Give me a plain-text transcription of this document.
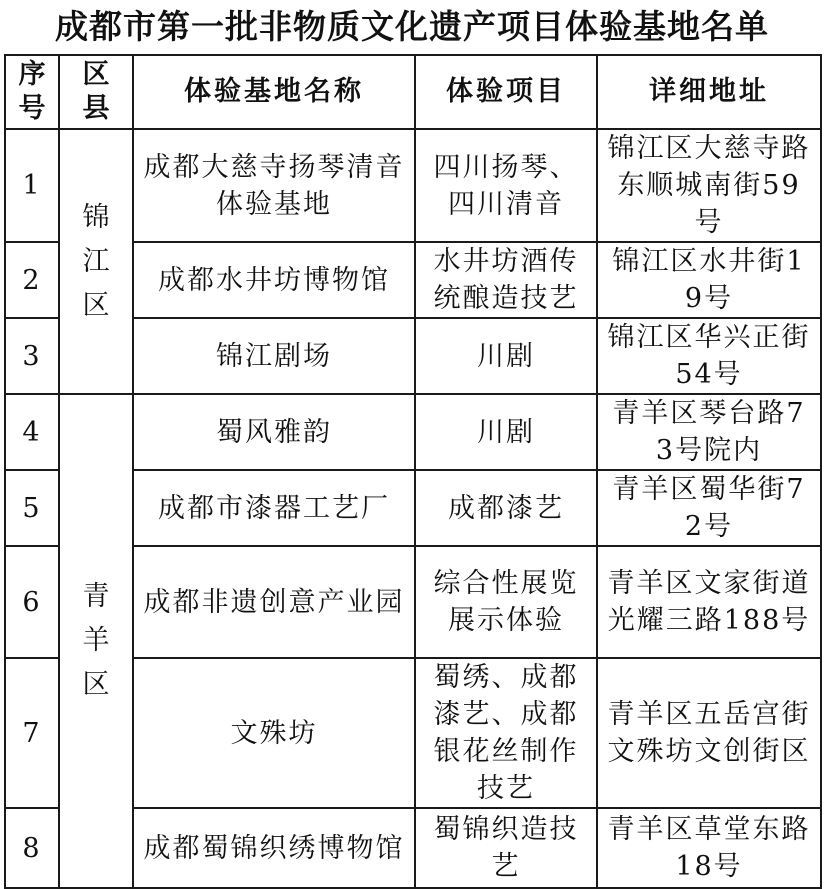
成都市第一批非物质文化遗产项目体验基地名单
序号	区县	体验基地名称	体验项目	详细地址
1	锦江区	成都大慈寺扬琴清音体验基地	四川扬琴、四川清音	锦江区大慈寺路东顺城南街59号
2		成都水井坊博物馆	水井坊酒传统酿造技艺	锦江区水井街19号
3		锦江剧场	川剧	锦江区华兴正街54号
4	青羊区	蜀风雅韵	川剧	青羊区琴台路73号院内
5		成都市漆器工艺厂	成都漆艺	青羊区蜀华街72号
6		成都非遗创意产业园	综合性展览展示体验	青羊区文家街道光耀三路188号
7		文殊坊	蜀绣、成都漆艺、成都银花丝制作技艺	青羊区五岳宫街文殊坊文创街区
8		成都蜀锦织绣博物馆	蜀锦织造技艺	青羊区草堂东路18号
